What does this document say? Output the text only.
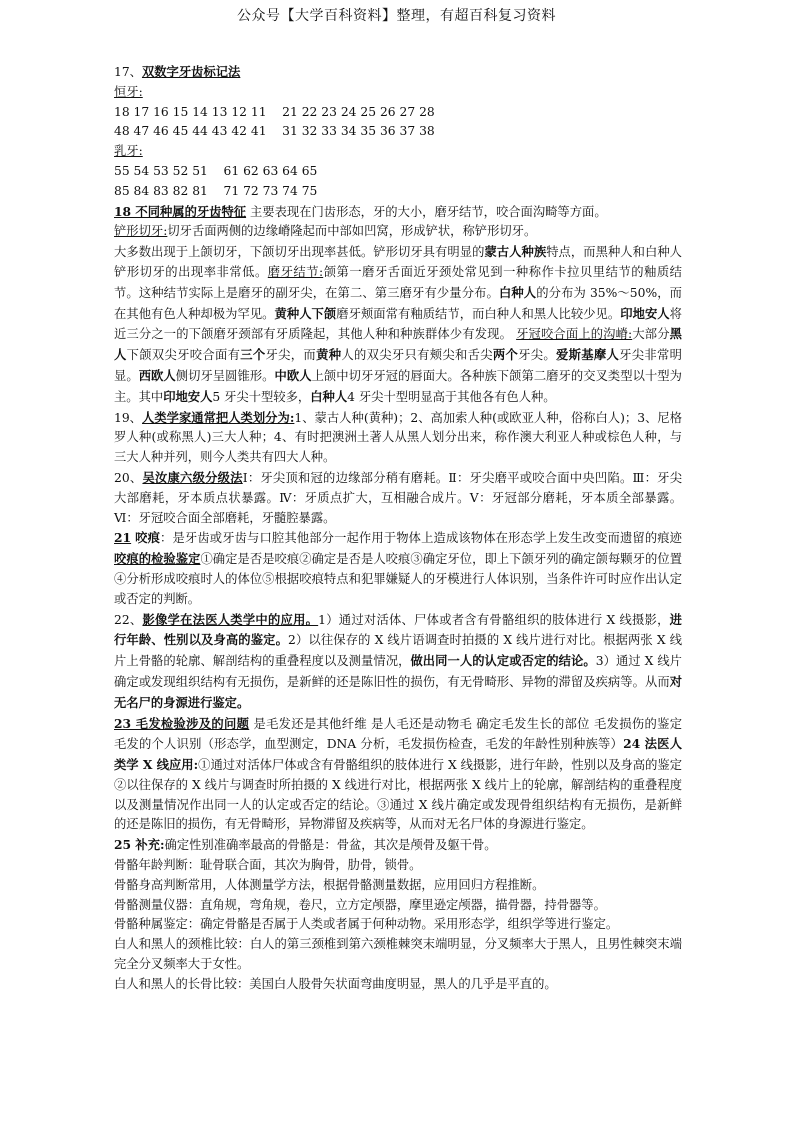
公众号【大学百科资料】整理，有超百科复习资料

17、双数字牙齿标记法

恒牙:

18 17 16 15 14 13 12 11    21 22 23 24 25 26 27 28

48 47 46 45 44 43 42 41    31 32 33 34 35 36 37 38

乳牙:

55 54 53 52 51    61 62 63 64 65

85 84 83 82 81    71 72 73 74 75

18 不同种属的牙齿特征 主要表现在门齿形态，牙的大小，磨牙结节，咬合面沟畸等方面。

铲形切牙:切牙舌面两侧的边缘嵴隆起而中部如凹窝，形成铲状，称铲形切牙。

大多数出现于上颌切牙，下颌切牙出现率甚低。铲形切牙具有明显的蒙古人种族特点，而黑种人和白种人铲形切牙的出现率非常低。磨牙结节:颌第一磨牙舌面近牙颈处常见到一种称作卡拉贝里结节的釉质结节。这种结节实际上是磨牙的副牙尖，在第二、第三磨牙有少量分布。白种人的分布为 35%～50%，而在其他有色人种却极为罕见。黄种人下颌磨牙颊面常有釉质结节，而白种人和黑人比较少见。印地安人将近三分之一的下颌磨牙颈部有牙质隆起，其他人种和种族群体少有发现。 牙冠咬合面上的沟嵴:大部分黑人下颌双尖牙咬合面有三个牙尖，而黄种人的双尖牙只有颊尖和舌尖两个牙尖。爱斯基摩人牙尖非常明显。西欧人侧切牙呈圆锥形。中欧人上颌中切牙牙冠的唇面大。各种族下颌第二磨牙的交叉类型以十型为主。其中印地安人5 牙尖十型较多，白种人4 牙尖十型明显高于其他各有色人种。

19、人类学家通常把人类划分为:1、蒙古人种(黄种)；2、高加索人种(或欧亚人种，俗称白人)；3、尼格罗人种(或称黑人)三大人种；4、有时把澳洲土著人从黑人划分出来，称作澳大利亚人种或棕色人种，与三大人种并列，则今人类共有四大人种。

20、吴汝康六级分级法I：牙尖顶和冠的边缘部分稍有磨耗。Ⅱ：牙尖磨平或咬合面中央凹陷。Ⅲ：牙尖大部磨耗，牙本质点状暴露。Ⅳ：牙质点扩大，互相融合成片。V：牙冠部分磨耗，牙本质全部暴露。Ⅵ：牙冠咬合面全部磨耗，牙髓腔暴露。

21 咬痕：是牙齿或牙齿与口腔其他部分一起作用于物体上造成该物体在形态学上发生改变而遗留的痕迹咬痕的检验鉴定①确定是否是咬痕②确定是否是人咬痕③确定牙位，即上下颌牙列的确定颌每颗牙的位置④分析形成咬痕时人的体位⑤根据咬痕特点和犯罪嫌疑人的牙模进行人体识别，当条件许可时应作出认定或否定的判断。

22、影像学在法医人类学中的应用。1）通过对活体、尸体或者含有骨骼组织的肢体进行 X 线摄影，进行年龄、性别以及身高的鉴定。2）以往保存的 X 线片语调查时拍摄的 X 线片进行对比。根据两张 X 线片上骨骼的轮廓、解剖结构的重叠程度以及测量情况，做出同一人的认定或否定的结论。3）通过 X 线片确定或发现组织结构有无损伤，是新鲜的还是陈旧性的损伤，有无骨畸形、异物的滞留及疾病等。从而对无名尸的身源进行鉴定。

23 毛发检验涉及的问题 是毛发还是其他纤维 是人毛还是动物毛 确定毛发生长的部位 毛发损伤的鉴定 毛发的个人识别（形态学，血型测定，DNA 分析，毛发损伤检查，毛发的年龄性别种族等）24 法医人类学 X 线应用:①通过对活体尸体或含有骨骼组织的肢体进行 X 线摄影，进行年龄，性别以及身高的鉴定②以往保存的 X 线片与调查时所拍摄的 X 线进行对比，根据两张 X 线片上的轮廓，解剖结构的重叠程度以及测量情况作出同一人的认定或否定的结论。③通过 X 线片确定或发现骨组织结构有无损伤，是新鲜的还是陈旧的损伤，有无骨畸形，异物滞留及疾病等，从而对无名尸体的身源进行鉴定。

25 补充:确定性别准确率最高的骨骼是：骨盆，其次是颅骨及躯干骨。

骨骼年龄判断：耻骨联合面，其次为胸骨，肋骨，锁骨。

骨骼身高判断常用，人体测量学方法，根据骨骼测量数据，应用回归方程推断。

骨骼测量仪器：直角规，弯角规，卷尺，立方定颅器，摩里逊定颅器，描骨器，持骨器等。

骨骼种属鉴定：确定骨骼是否属于人类或者属于何种动物。采用形态学，组织学等进行鉴定。

白人和黑人的颈椎比较：白人的第三颈椎到第六颈椎棘突末端明显，分叉频率大于黑人，且男性棘突末端完全分叉频率大于女性。

白人和黑人的长骨比较：美国白人股骨矢状面弯曲度明显，黑人的几乎是平直的。
